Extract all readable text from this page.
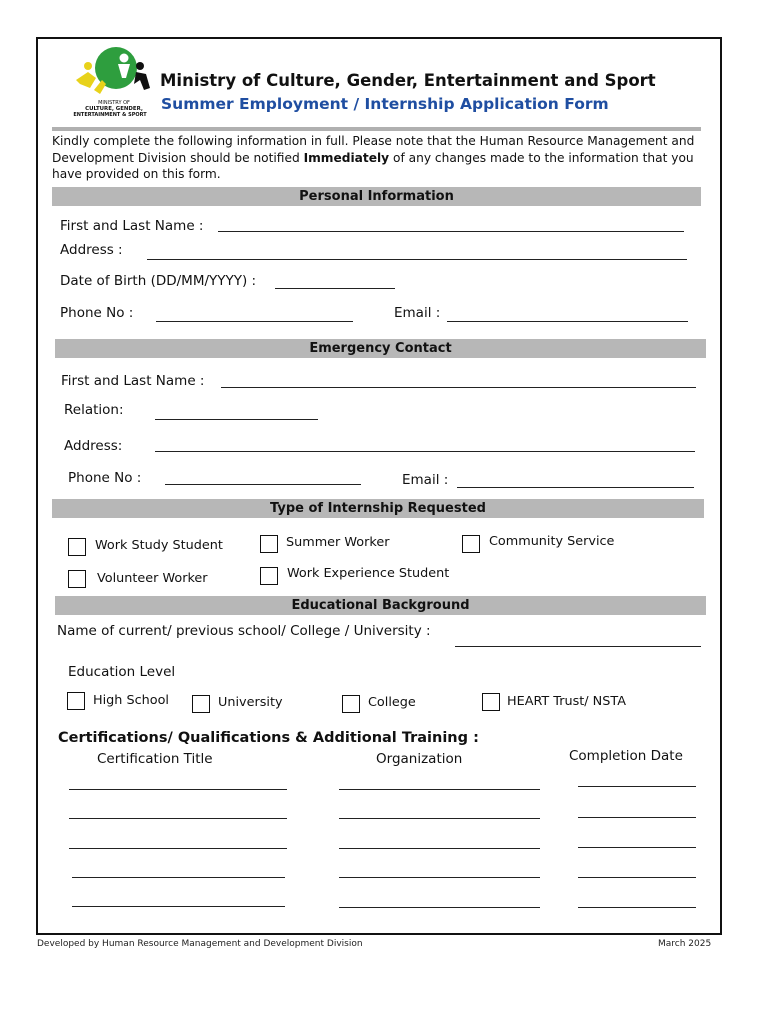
MINISTRY OF
CULTURE, GENDER,
ENTERTAINMENT & SPORT
Ministry of Culture, Gender, Entertainment and Sport
Summer Employment / Internship Application Form
Kindly complete the following information in full. Please note that the Human Resource Management and Development Division should be notified Immediately of any changes made to the information that you have provided on this form.
Personal Information
First and Last Name :
Address :
Date of Birth (DD/MM/YYYY) :
Phone No :	Email :
Emergency Contact
First and Last Name :
Relation:
Address:
Phone No :	Email :
Type of Internship Requested
Work Study Student	Summer Worker	Community Service
Volunteer Worker	Work Experience Student
Educational Background
Name of current/ previous school/ College / University :
Education Level
High School	University	College	HEART Trust/ NSTA
Certifications/ Qualifications & Additional Training :
Certification Title	Organization	Completion Date
Developed by Human Resource Management and Development Division	March 2025
